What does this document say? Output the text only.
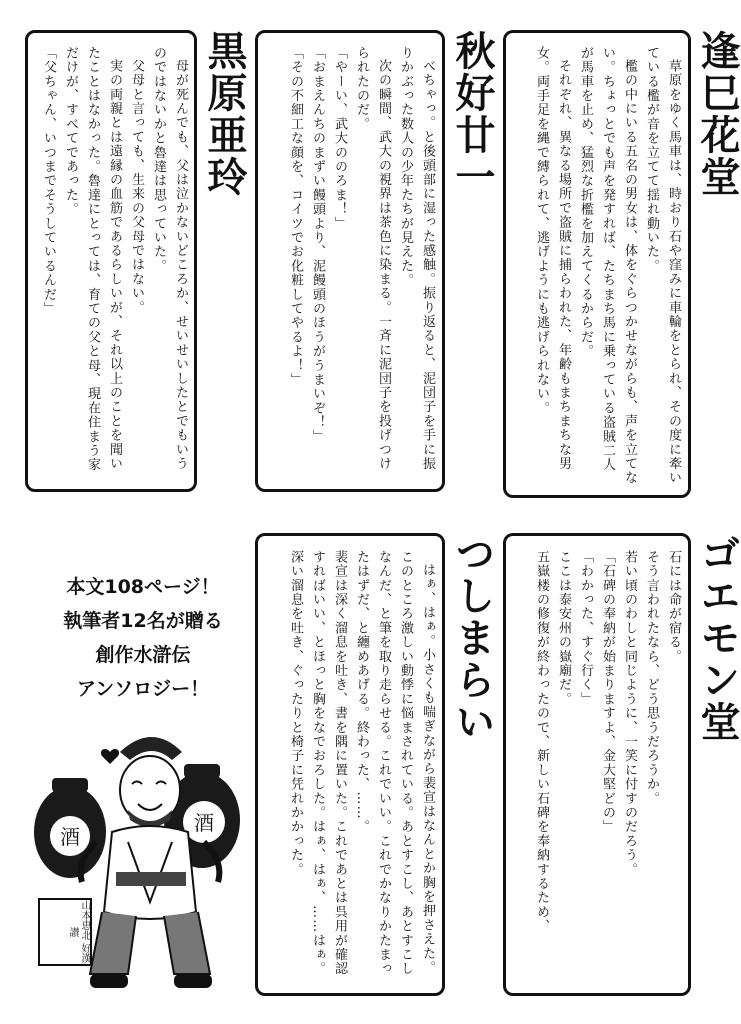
草原をゆく馬車は、時おり石や窪みに車輪をとられ、その度に牽いている檻が音を立てて揺れ動いた。

檻の中にいる五名の男女は、体をぐらつかせながらも、声を立てない。ちょっとでも声を発すれば、たちまち馬に乗っている盗賊二人が馬車を止め、猛烈な折檻を加えてくるからだ。

それぞれ、異なる場所で盗賊に捕らわれた、年齢もまちまちな男女。両手足を縄で縛られて、逃げようにも逃げられない。	逢巳花堂

べちゃっ。と後頭部に湿った感触。振り返ると、泥団子を手に振りかぶった数人の少年たちが見えた。

次の瞬間、武大の視界は茶色に染まる。一斉に泥団子を投げつけられたのだ。

「やーい、武大ののろま！」

「おまえんちのまずい饅頭より、泥饅頭のほうがうまいぞ！」

「その不細工な顔を、コイツでお化粧してやるよ！」	秋好廿一

母が死んでも、父は泣かないどころか、せいせいしたとでもいうのではないかと魯達は思っていた。

父母と言っても、生来の父母ではない。

実の両親とは遠縁の血筋であるらしいが、それ以上のことを聞いたことはなかった。魯達にとっては、育ての父と母、現在住まう家だけが、すべてであった。

「父ちゃん、いつまでそうしているんだ」	黒原亜玲

石には命が宿る。

そう言われたなら、どう思うだろうか。

若い頃のわしと同じように、一笑に付すのだろう。

「石碑の奉納が始まりますよ、金大堅どの」

「わかった、すぐ行く」

ここは泰安州の嶽廟だ。

五嶽楼の修復が終わったので、新しい石碑を奉納するため、	ゴエモン堂

はぁ、はぁ。小さくも喘ぎながら裴宣はなんとか胸を押さえた。このところ激しい動悸に悩まされている。あとすこし、あとすこしなんだ、と筆を取り走らせる。これでいい。これでかなりかたまったはずだ、と纏めあげる。終わった、……。

裴宣は深く溜息を吐き、書を隅に置いた。これであとは呉用が確認すればいい、とほっと胸をなでおろした。はぁ、はぁ、……はぁ。深い溜息を吐き、ぐったりと椅子に凭れかかった。	つしまらい
本文108ページ！
執筆者12名が贈る
創作水滸伝
アンソロジー！
酒
酒
山本恵北 好漢讃
